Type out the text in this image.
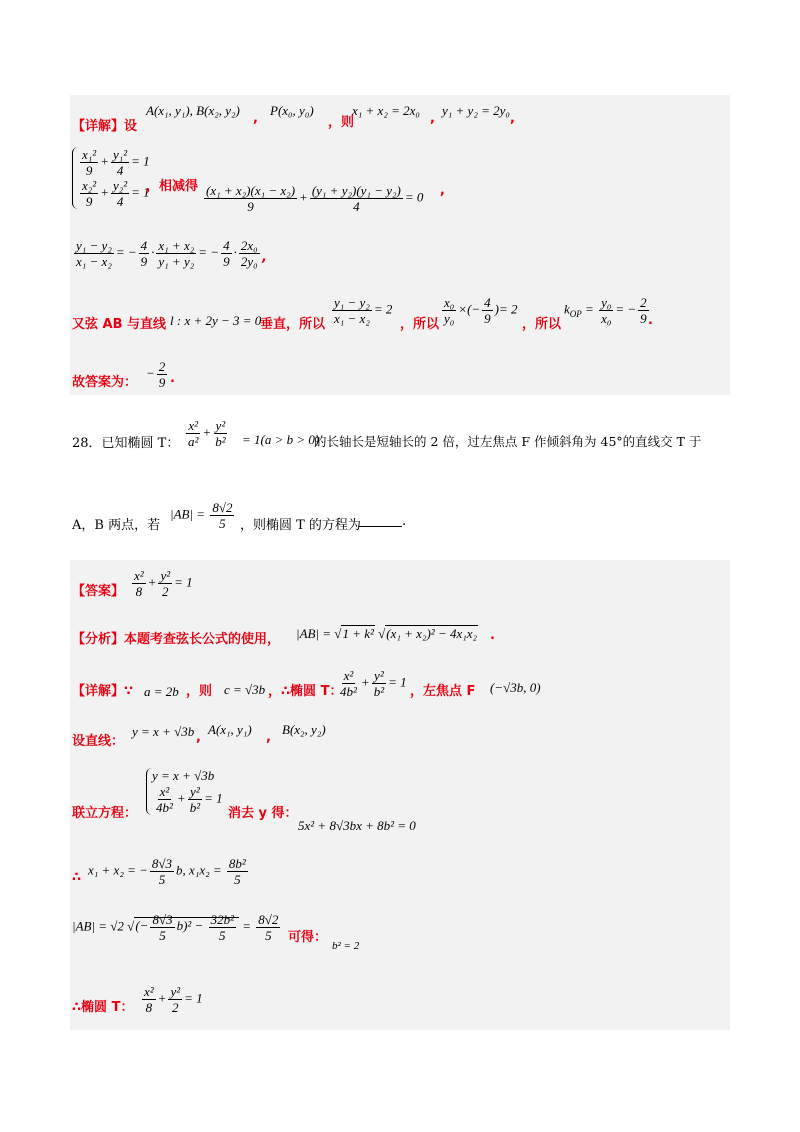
【详解】设
A(x₁, y₁), B(x₂, y₂)
,
P(x₀, y₀)
，则
x₁ + x₂ = 2x₀
,
y₁ + y₂ = 2y₀
,
$\frac{\text{x₁²}}{9} + \frac{\text{y₁²}}{4} = 1$

$\frac{\text{x₂²}}{9} + \frac{\text{y₂²}}{4} = 1$
，相减得 $\frac{\text{(x₁ + x₂)(x₁ − x₂)}}{9} + \frac{\text{(y₁ + y₂)(y₁ − y₂)}}{4} = 0$ ,
$\frac{\text{y₁ − y₂}}{\text{x₁ − x₂}}$ = − $\frac{4}{9} \cdot \frac{\text{x₁ + x₂}}{\text{y₁ + y₂}}$ = − $\frac{4}{9} \cdot \frac{\text{2x₀}}{\text{2y₀}}$ ,
又弦 AB 与直线 l : x + 2y − 3 = 0
垂直，所以 $\frac{\text{y₁ − y₂}}{\text{x₁ − x₂}} = 2$
，所以 $\frac{\text{x₀}}{\text{y₀}}$ ×(− $\frac{4}{9}$ )= 2
，所以
$k_{OP} = \frac{\text{y₀}}{\text{x₀}}$ = − $\frac{2}{9}$ .
故答案为：
− $\frac{2}{9}$ .
28．已知椭圆 T： $\frac{\text{x²}}{\text{a²}} + \frac{\text{y²}}{\text{b²}} = 1(a > b > 0)$
的长轴长是短轴长的 2 倍，过左焦点 F 作倾斜角为 45°的直线交 T 于
A，B 两点，若
$|AB| = \frac{8√2}{5}$ ，则椭圆 T 的方程为	.
【答案】 $\frac{\text{x²}}{8} + \frac{\text{y²}}{2} = 1$
【分析】本题考查弦长公式的使用， |AB| = √1 + k² √(x₁ + x₂)² − 4x₁x₂ .
【详解】∵ a = 2b ，则 c = √3b ，∴椭圆 T：
$\frac{\text{x²}}{\text{4b²}} + \frac{\text{y²}}{\text{b²}} = 1$
，左焦点 F (−√3b, 0)
设直线：
y = x + √3b ,
A(x₁, y₁)
,
B(x₂, y₂)
联立方程：
y = x + √3b

$\frac{\text{x²}}{\text{4b²}} + \frac{\text{y²}}{\text{b²}} = 1$
消去 y 得：
5x² + 8√3bx + 8b² = 0
∴
x₁ + x₂ = − $\frac{8√3}{5} b$, $x_1x_2 = \frac{\text{8b²}}{5}$
|AB| = √2 √(− $\frac{8√3}{5} b)^2 - \frac{\text{32b²}}{5} = \frac{8√2}{5}$ 可得：
b² = 2
∴椭圆 T： $\frac{\text{x²}}{8} + \frac{\text{y²}}{2} = 1$
